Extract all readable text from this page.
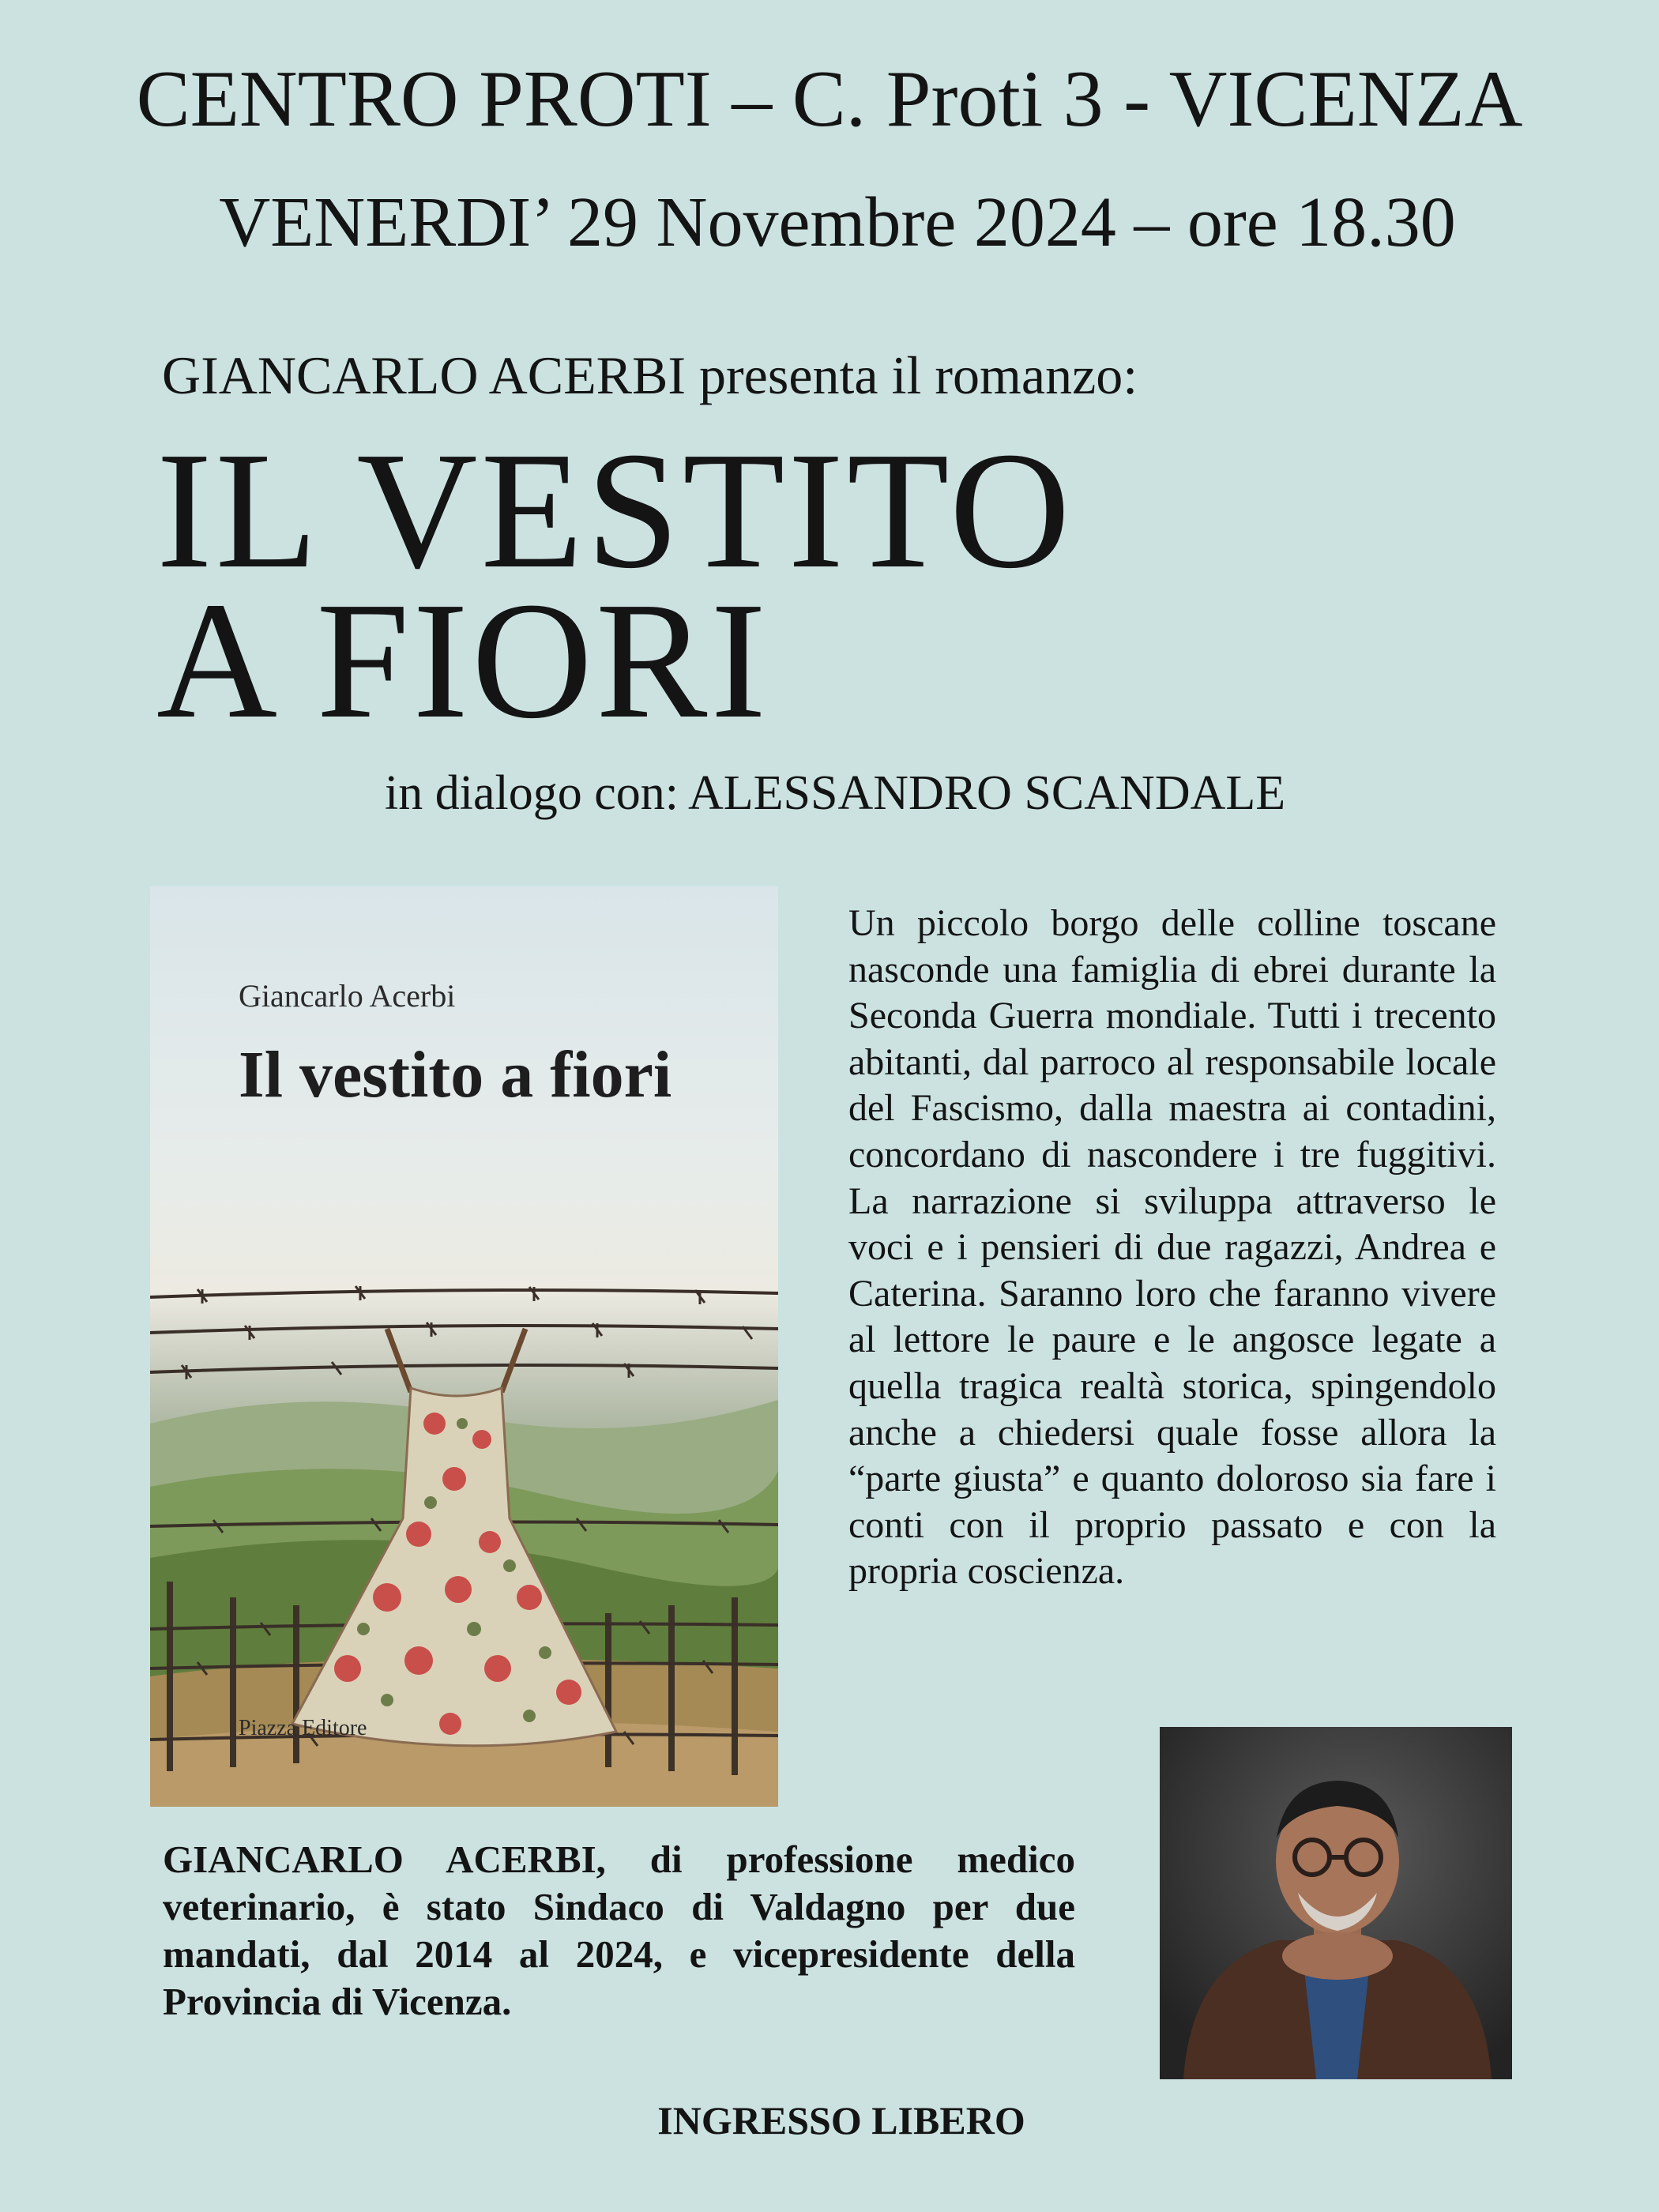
CENTRO PROTI – C. Proti 3 - VICENZA
VENERDI’ 29 Novembre 2024 – ore 18.30
GIANCARLO ACERBI presenta il romanzo:
IL VESTITO
A FIORI
in dialogo con: ALESSANDRO SCANDALE
Giancarlo Acerbi
Il vestito a fiori
Piazza Editore

Un piccolo borgo delle colline toscane nasconde una famiglia di ebrei durante la Seconda Guerra mondiale. Tutti i trecento abitanti, dal parroco al responsabile locale del Fascismo, dalla maestra ai contadini, concordano di nascondere i tre fuggitivi. La narrazione si sviluppa attraverso le voci e i pensieri di due ragazzi, Andrea e Caterina. Saranno loro che faranno vivere al lettore le paure e le angosce legate a quella tragica realtà storica, spingendolo anche a chiedersi quale fosse allora la “parte giusta” e quanto doloroso sia fare i conti con il proprio passato e con la propria coscienza.

GIANCARLO ACERBI, di professione medico veterinario, è stato Sindaco di Valdagno per due mandati, dal 2014 al 2024, e vicepresidente della Provincia di Vicenza.

INGRESSO LIBERO
